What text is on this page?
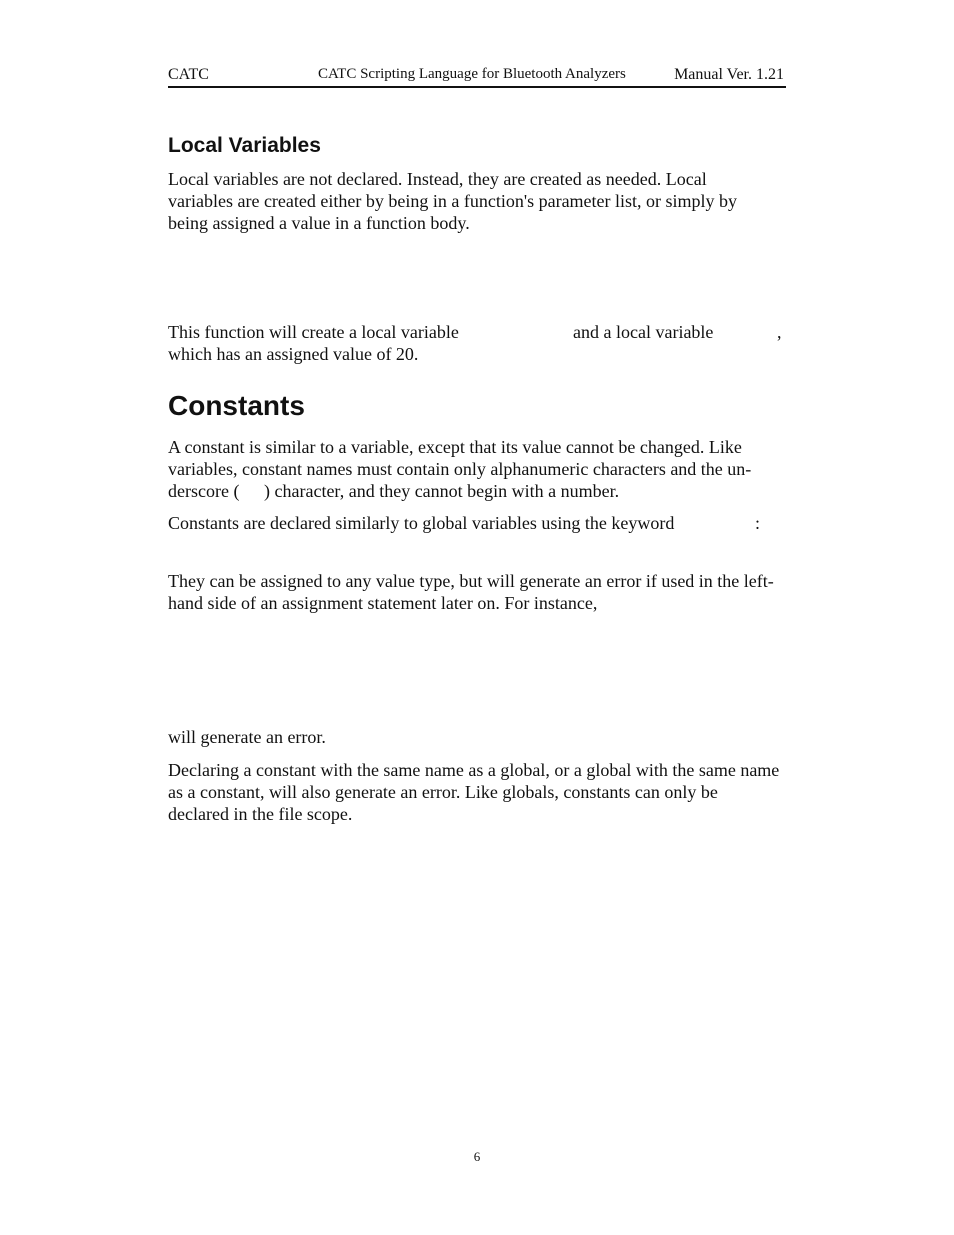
CATC	CATC Scripting Language for Bluetooth Analyzers	Manual Ver. 1.21
Local Variables
Local variables are not declared. Instead, they are created as needed. Local
variables are created either by being in a function's parameter list, or simply by
being assigned a value in a function body.
This function will create a local variable	and a local variable	,
which has an assigned value of 20.
Constants
A constant is similar to a variable, except that its value cannot be changed. Like
variables, constant names must contain only alphanumeric characters and the un-
derscore ( ) character, and they cannot begin with a number.
Constants are declared similarly to global variables using the keyword	:
They can be assigned to any value type, but will generate an error if used in the left-
hand side of an assignment statement later on. For instance,
will generate an error.
Declaring a constant with the same name as a global, or a global with the same name
as a constant, will also generate an error. Like globals, constants can only be
declared in the file scope.
6
